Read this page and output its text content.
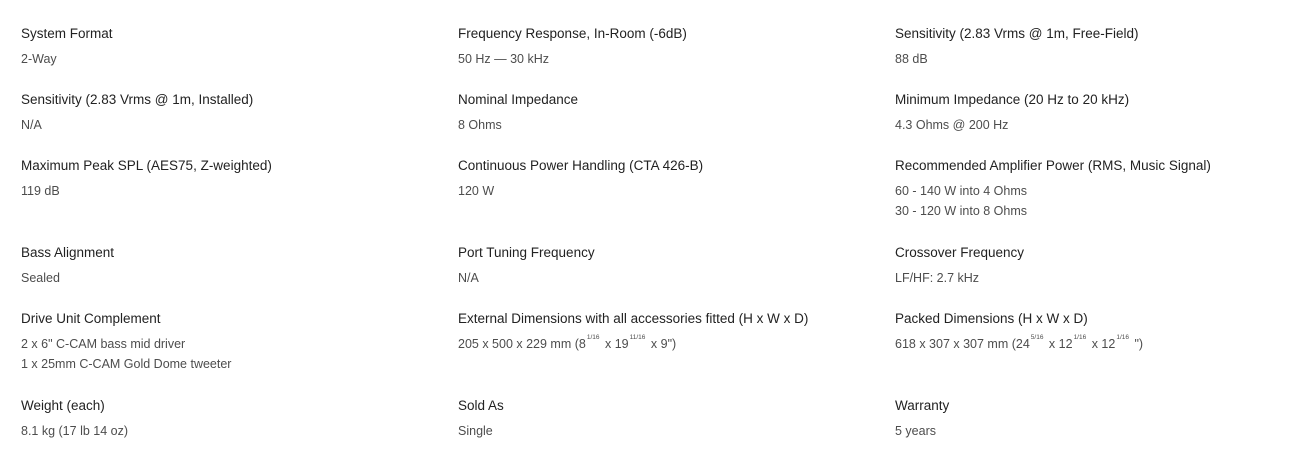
System Format
2-Way
Frequency Response, In-Room (-6dB)
50 Hz — 30 kHz
Sensitivity (2.83 Vrms @ 1m, Free-Field)
88 dB
Sensitivity (2.83 Vrms @ 1m, Installed)
N/A
Nominal Impedance
8 Ohms
Minimum Impedance (20 Hz to 20 kHz)
4.3 Ohms @ 200 Hz
Maximum Peak SPL (AES75, Z-weighted)
119 dB
Continuous Power Handling (CTA 426-B)
120 W
Recommended Amplifier Power (RMS, Music Signal)
60 - 140 W into 4 Ohms
30 - 120 W into 8 Ohms
Bass Alignment
Sealed
Port Tuning Frequency
N/A
Crossover Frequency
LF/HF: 2.7 kHz
Drive Unit Complement
2 x 6" C-CAM bass mid driver
1 x 25mm C-CAM Gold Dome tweeter
External Dimensions with all accessories fitted (H x W x D)
205 x 500 x 229 mm ($8^{1/16}$ x $19^{11/16}$ x 9")
Packed Dimensions (H x W x D)
618 x 307 x 307 mm ($24^{5/16}$ x $12^{1/16}$ x $12^{1/16}$ ")
Weight (each)
8.1 kg (17 lb 14 oz)
Sold As
Single
Warranty
5 years
